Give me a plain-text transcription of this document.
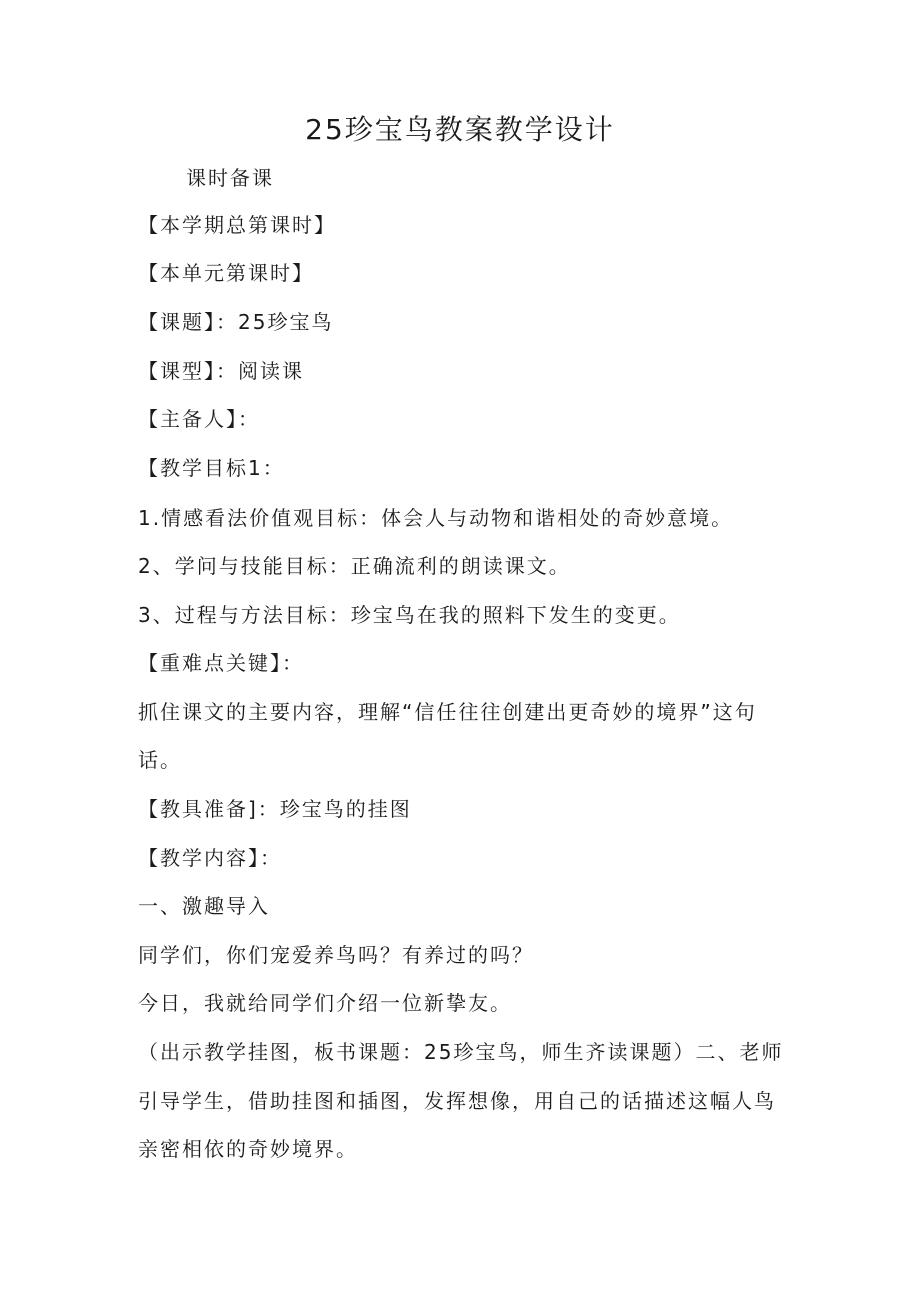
25珍宝鸟教案教学设计
课时备课
【本学期总第课时】
【本单元第课时】
【课题】：25珍宝鸟
【课型】：阅读课
【主备人】：
【教学目标1：
1.情感看法价值观目标：体会人与动物和谐相处的奇妙意境。
2、学问与技能目标：正确流利的朗读课文。
3、过程与方法目标：珍宝鸟在我的照料下发生的变更。
【重难点关键】：
抓住课文的主要内容，理解“信任往往创建出更奇妙的境界”这句
话。
【教具准备]：珍宝鸟的挂图
【教学内容】：
一、激趣导入
同学们，你们宠爱养鸟吗？有养过的吗？
今日，我就给同学们介绍一位新挚友。
（出示教学挂图，板书课题：25珍宝鸟，师生齐读课题）二、老师
引导学生，借助挂图和插图，发挥想像，用自己的话描述这幅人鸟
亲密相依的奇妙境界。
